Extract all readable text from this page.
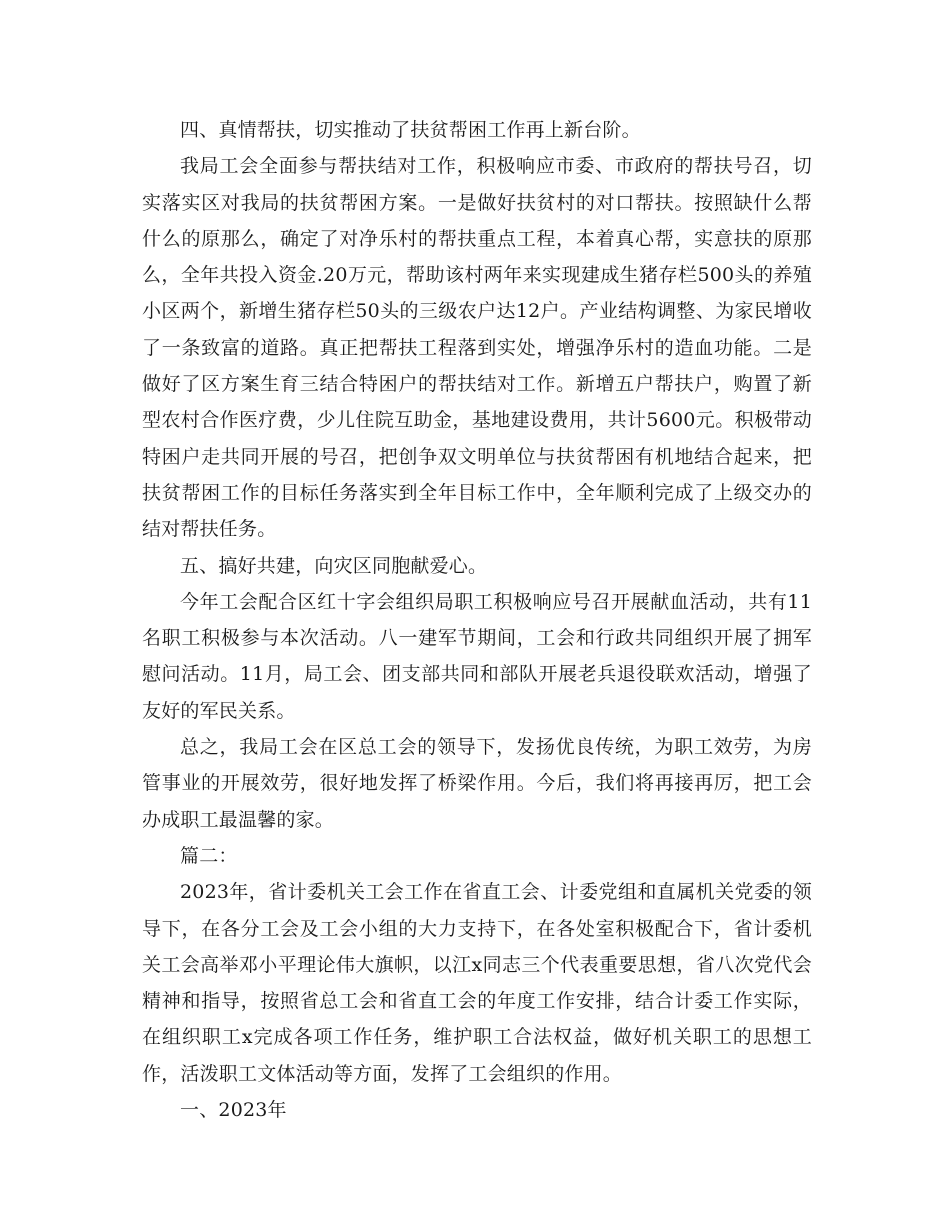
四、真情帮扶，切实推动了扶贫帮困工作再上新台阶。

我局工会全面参与帮扶结对工作，积极响应市委、市政府的帮扶号召，切实落实区对我局的扶贫帮困方案。一是做好扶贫村的对口帮扶。按照缺什么帮什么的原那么，确定了对净乐村的帮扶重点工程，本着真心帮，实意扶的原那么，全年共投入资金.20万元，帮助该村两年来实现建成生猪存栏500头的养殖小区两个，新增生猪存栏50头的三级农户达12户。产业结构调整、为家民增收了一条致富的道路。真正把帮扶工程落到实处，增强净乐村的造血功能。二是做好了区方案生育三结合特困户的帮扶结对工作。新增五户帮扶户，购置了新型农村合作医疗费，少儿住院互助金，基地建设费用，共计5600元。积极带动特困户走共同开展的号召，把创争双文明单位与扶贫帮困有机地结合起来，把扶贫帮困工作的目标任务落实到全年目标工作中，全年顺利完成了上级交办的结对帮扶任务。

五、搞好共建，向灾区同胞献爱心。

今年工会配合区红十字会组织局职工积极响应号召开展献血活动，共有11名职工积极参与本次活动。八一建军节期间，工会和行政共同组织开展了拥军慰问活动。11月，局工会、团支部共同和部队开展老兵退役联欢活动，增强了友好的军民关系。

总之，我局工会在区总工会的领导下，发扬优良传统，为职工效劳，为房管事业的开展效劳，很好地发挥了桥梁作用。今后，我们将再接再厉，把工会办成职工最温馨的家。

篇二：

2023年，省计委机关工会工作在省直工会、计委党组和直属机关党委的领导下，在各分工会及工会小组的大力支持下，在各处室积极配合下，省计委机关工会高举邓小平理论伟大旗帜，以江x同志三个代表重要思想，省八次党代会精神和指导，按照省总工会和省直工会的年度工作安排，结合计委工作实际，在组织职工x完成各项工作任务，维护职工合法权益，做好机关职工的思想工作，活泼职工文体活动等方面，发挥了工会组织的作用。

一、2023年
